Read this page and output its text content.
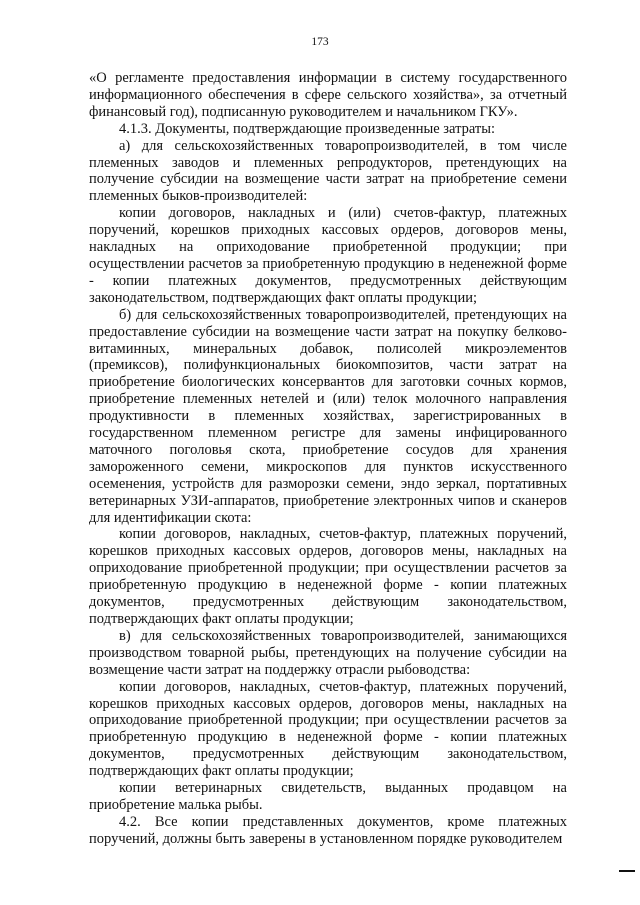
173

«О регламенте предоставления информации в систему государственного информационного обеспечения в сфере сельского хозяйства», за отчетный финансовый год), подписанную руководителем и начальником ГКУ».

4.1.3. Документы, подтверждающие произведенные затраты:

а) для сельскохозяйственных товаропроизводителей, в том числе племенных заводов и племенных репродукторов, претендующих на получение субсидии на возмещение части затрат на приобретение семени племенных быков-производителей:

копии договоров, накладных и (или) счетов-фактур, платежных поручений, корешков приходных кассовых ордеров, договоров мены, накладных на оприходование приобретенной продукции; при осуществлении расчетов за приобретенную продукцию в неденежной форме - копии платежных документов, предусмотренных действующим законодательством, подтверждающих факт оплаты продукции;

б) для сельскохозяйственных товаропроизводителей, претендующих на предоставление субсидии на возмещение части затрат на покупку белково-витаминных, минеральных добавок, полисолей микроэлементов (премиксов), полифункциональных биокомпозитов, части затрат на приобретение биологических консервантов для заготовки сочных кормов, приобретение племенных нетелей и (или) телок молочного направления продуктивности в племенных хозяйствах, зарегистрированных в государственном племенном регистре для замены инфицированного маточного поголовья скота, приобретение сосудов для хранения замороженного семени, микроскопов для пунктов искусственного осеменения, устройств для разморозки семени, эндо зеркал, портативных ветеринарных УЗИ-аппаратов, приобретение электронных чипов и сканеров для идентификации скота:

копии договоров, накладных, счетов-фактур, платежных поручений, корешков приходных кассовых ордеров, договоров мены, накладных на оприходование приобретенной продукции; при осуществлении расчетов за приобретенную продукцию в неденежной форме - копии платежных документов, предусмотренных действующим законодательством, подтверждающих факт оплаты продукции;

в) для сельскохозяйственных товаропроизводителей, занимающихся производством товарной рыбы, претендующих на получение субсидии на возмещение части затрат на поддержку отрасли рыбоводства:

копии договоров, накладных, счетов-фактур, платежных поручений, корешков приходных кассовых ордеров, договоров мены, накладных на оприходование приобретенной продукции; при осуществлении расчетов за приобретенную продукцию в неденежной форме - копии платежных документов, предусмотренных действующим законодательством, подтверждающих факт оплаты продукции;

копии ветеринарных свидетельств, выданных продавцом на приобретение малька рыбы.

4.2. Все копии представленных документов, кроме платежных поручений, должны быть заверены в установленном порядке руководителем
